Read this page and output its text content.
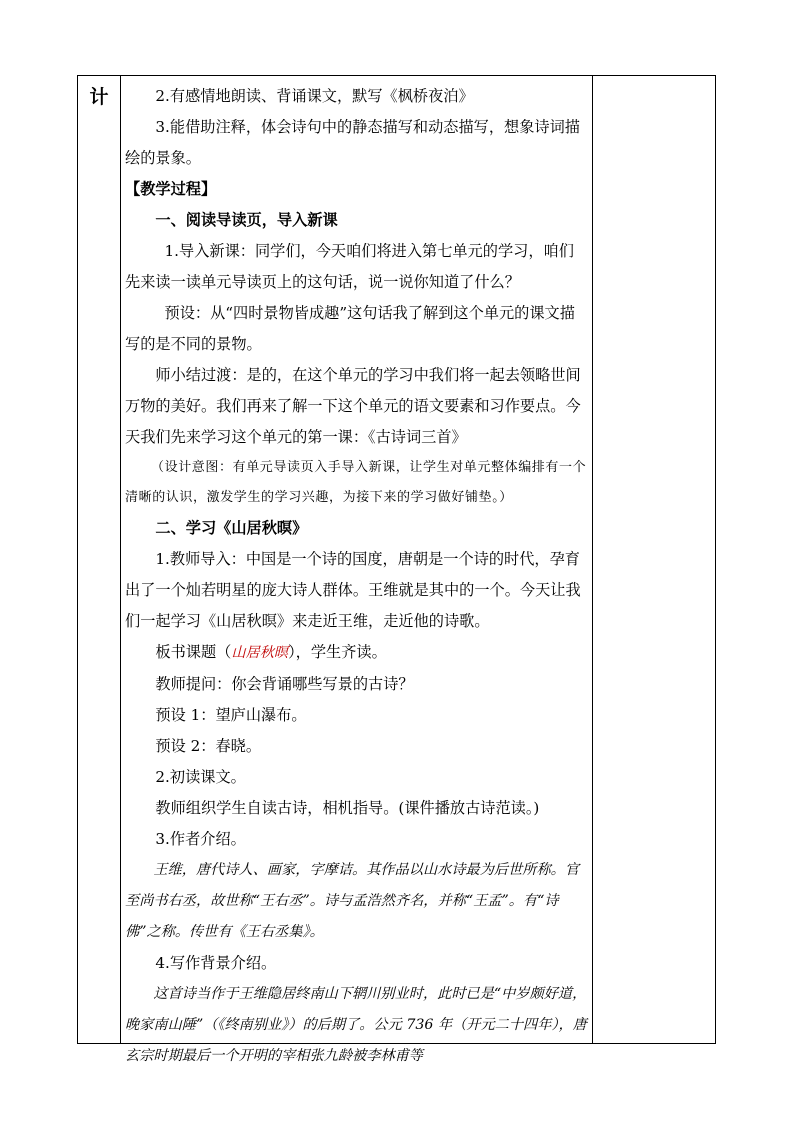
计	2.有感情地朗读、背诵课文，默写《枫桥夜泊》

3.能借助注释，体会诗句中的静态描写和动态描写，想象诗词描绘的景象。

【教学过程】

一、阅读导读页，导入新课

1.导入新课：同学们，今天咱们将进入第七单元的学习，咱们先来读一读单元导读页上的这句话，说一说你知道了什么？

预设：从“四时景物皆成趣”这句话我了解到这个单元的课文描写的是不同的景物。

师小结过渡：是的，在这个单元的学习中我们将一起去领略世间万物的美好。我们再来了解一下这个单元的语文要素和习作要点。今天我们先来学习这个单元的第一课：《古诗词三首》

（设计意图：有单元导读页入手导入新课，让学生对单元整体编排有一个清晰的认识，激发学生的学习兴趣，为接下来的学习做好铺垫。）

二、学习《山居秋暝》

1.教师导入：中国是一个诗的国度，唐朝是一个诗的时代，孕育出了一个灿若明星的庞大诗人群体。王维就是其中的一个。今天让我们一起学习《山居秋暝》来走近王维，走近他的诗歌。

板书课题（山居秋暝），学生齐读。

教师提问：你会背诵哪些写景的古诗？

预设 1：望庐山瀑布。

预设 2：春晓。

2.初读课文。

教师组织学生自读古诗，相机指导。(课件播放古诗范读。)

3.作者介绍。

王维，唐代诗人、画家，字摩诘。其作品以山水诗最为后世所称。官至尚书右丞，故世称“王右丞”。诗与孟浩然齐名，并称“王孟”。有“诗佛”之称。传世有《王右丞集》。

4.写作背景介绍。

这首诗当作于王维隐居终南山下辋川别业时，此时已是“中岁颇好道，晚家南山陲”（《终南别业》）的后期了。公元 736 年（开元二十四年），唐玄宗时期最后一个开明的宰相张九龄被李林甫等
